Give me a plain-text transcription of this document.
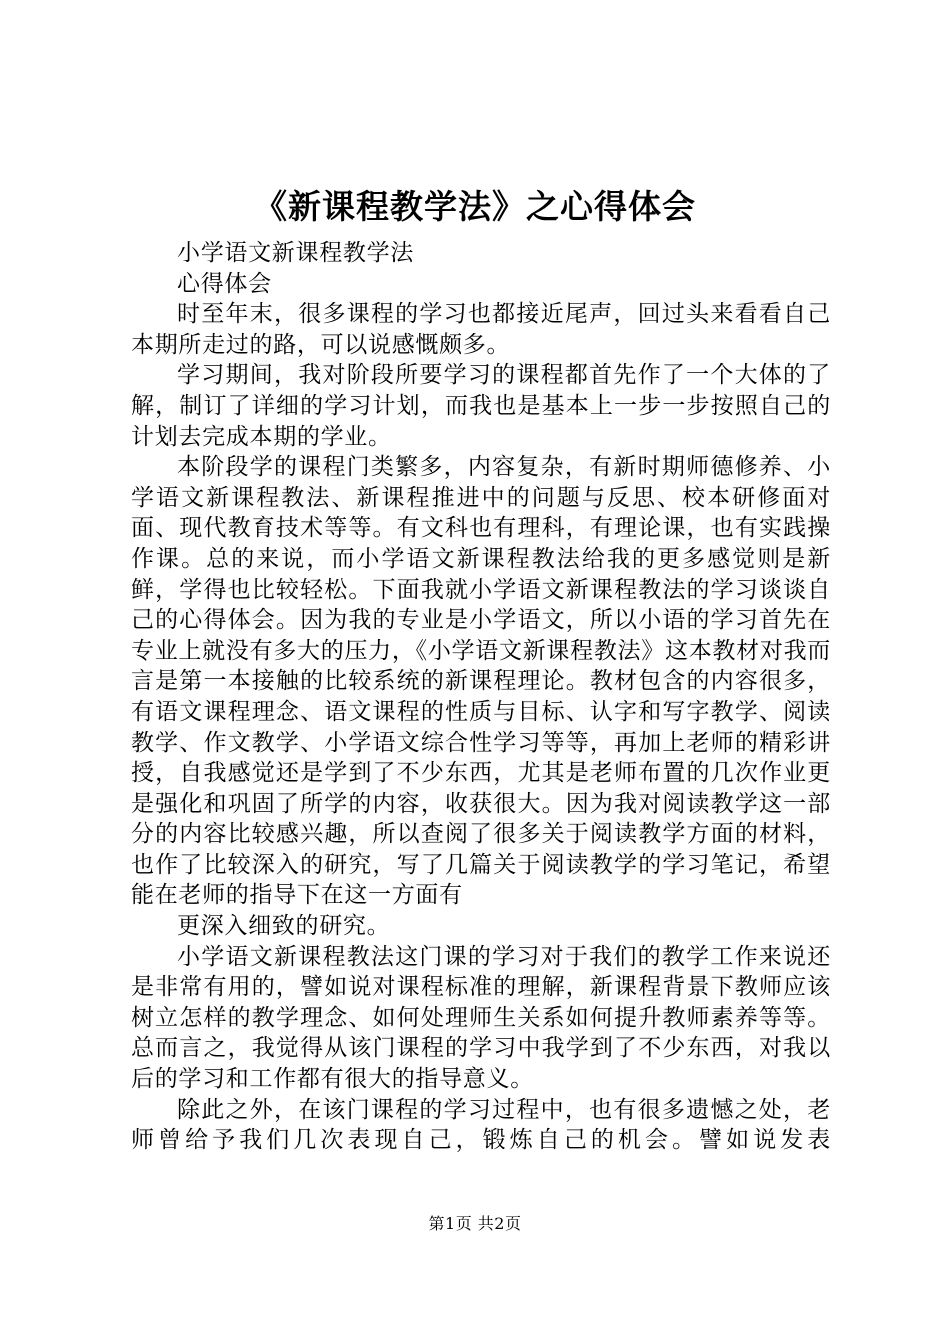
《新课程教学法》之心得体会

小学语文新课程教学法

心得体会

时至年末，很多课程的学习也都接近尾声，回过头来看看自己本期所走过的路，可以说感慨颇多。

学习期间，我对阶段所要学习的课程都首先作了一个大体的了解，制订了详细的学习计划，而我也是基本上一步一步按照自己的计划去完成本期的学业。

本阶段学的课程门类繁多，内容复杂，有新时期师德修养、小学语文新课程教法、新课程推进中的问题与反思、校本研修面对面、现代教育技术等等。有文科也有理科，有理论课，也有实践操作课。总的来说，而小学语文新课程教法给我的更多感觉则是新鲜，学得也比较轻松。下面我就小学语文新课程教法的学习谈谈自己的心得体会。因为我的专业是小学语文，所以小语的学习首先在专业上就没有多大的压力，《小学语文新课程教法》这本教材对我而言是第一本接触的比较系统的新课程理论。教材包含的内容很多，有语文课程理念、语文课程的性质与目标、认字和写字教学、阅读教学、作文教学、小学语文综合性学习等等，再加上老师的精彩讲授，自我感觉还是学到了不少东西，尤其是老师布置的几次作业更是强化和巩固了所学的内容，收获很大。因为我对阅读教学这一部分的内容比较感兴趣，所以查阅了很多关于阅读教学方面的材料，也作了比较深入的研究，写了几篇关于阅读教学的学习笔记，希望能在老师的指导下在这一方面有

更深入细致的研究。

小学语文新课程教法这门课的学习对于我们的教学工作来说还是非常有用的，譬如说对课程标准的理解，新课程背景下教师应该树立怎样的教学理念、如何处理师生关系如何提升教师素养等等。总而言之，我觉得从该门课程的学习中我学到了不少东西，对我以后的学习和工作都有很大的指导意义。

除此之外，在该门课程的学习过程中，也有很多遗憾之处，老师曾给予我们几次表现自己，锻炼自己的机会。譬如说发表

第1页 共2页
